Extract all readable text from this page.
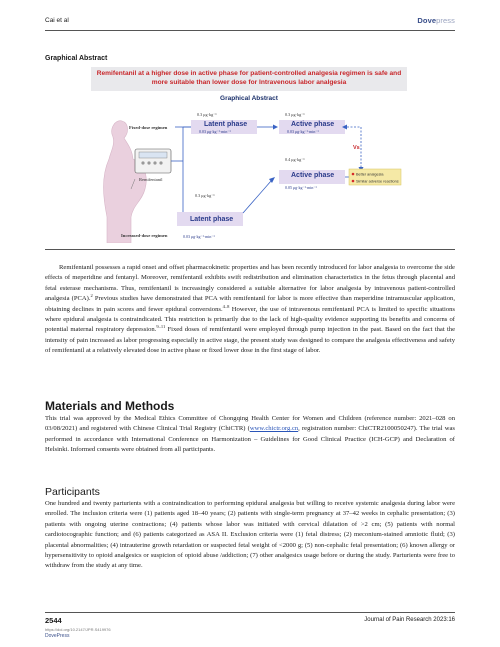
Cai et al	Dovepress
Graphical Abstract
Remifentanil at a higher dose in active phase for patient-controlled analgesia regimen is safe and more suitable than lower dose for Intravenous labor analgesia
Graphical Abstract
Remifentanil
Fixed-dose regimen	Latent phase
0.03 μg·kg⁻¹·min⁻¹
0.3 μg·kg⁻¹
Active phase
0.03 μg·kg⁻¹·min⁻¹
0.3 μg·kg⁻¹
Vs
Increased-dose regimen
Latent phase
0.03 μg·kg⁻¹·min⁻¹
0.3 μg·kg⁻¹
Active phase
0.05 μg·kg⁻¹·min⁻¹
0.4 μg·kg⁻¹
Better analgesia
Similar adverse reactions

Remifentanil possesses a rapid onset and offset pharmacokinetic properties and has been recently introduced for labor analgesia to overcome the side effects of meperidine and fentanyl. Moreover, remifentanil exhibits swift redistribution and elimination characteristics in the fetus through placental and fetal esterase mechanisms. Thus, remifentanil is increasingly considered a suitable alternative for labor analgesia by intravenous patient-controlled analgesia (PCA).$^2$ Previous studies have demonstrated that PCA with remifentanil for labor is more effective than meperidine intramuscular application, obtaining declines in pain scores and fewer epidural conversions.$^{4-8}$ However, the use of intravenous remifentanil PCA is limited to specific situations where epidural analgesia is contraindicated. This restriction is primarily due to the lack of high-quality evidence supporting its benefits and concerns of potential maternal respiratory depression.$^{9-11}$ Fixed doses of remifentanil were employed through pump injection in the past. Based on the fact that the intensity of pain increased as labor progressing especially in active stage, the present study was designed to compare the analgesia effectiveness and safety of remifentanil at a relatively elevated dose in active phase or fixed lower dose in the first stage of labor.

Materials and Methods

This trial was approved by the Medical Ethics Committee of Chongqing Health Center for Women and Children (reference number: 2021–028 on 03/08/2021) and registered with Chinese Clinical Trial Registry (ChiCTR) (www.chictr.org.cn, registration number: ChiCTR2100050247). The trial was performed in accordance with International Conference on Harmonization – Guidelines for Good Clinical Practice (ICH-GCP) and Declaration of Helsinki. Informed consents were obtained from all participants.

Participants

One hundred and twenty parturients with a contraindication to performing epidural analgesia but willing to receive systemic analgesia during labor were enrolled. The inclusion criteria were (1) patients aged 18–40 years; (2) patients with single-term pregnancy at 37–42 weeks in cephalic presentation; (3) patients with ongoing uterine contractions; (4) patients whose labor was initiated with cervical dilatation of >2 cm; (5) patients with normal cardiotocographic function; and (6) patients categorized as ASA II. Exclusion criteria were (1) fetal distress; (2) meconium-stained amniotic fluid; (3) placental abnormalities; (4) intrauterine growth retardation or suspected fetal weight of <2000 g; (5) non-cephalic fetal presentation; (6) known allergy or hypersensitivity to opioid analgesics or suspicion of opioid abuse /addiction; (7) other analgesics usage before or during the study. Parturients were free to withdraw from the study at any time.

2544
https://doi.org/10.2147/JPR.S419976
DovePress
Journal of Pain Research 2023:16
